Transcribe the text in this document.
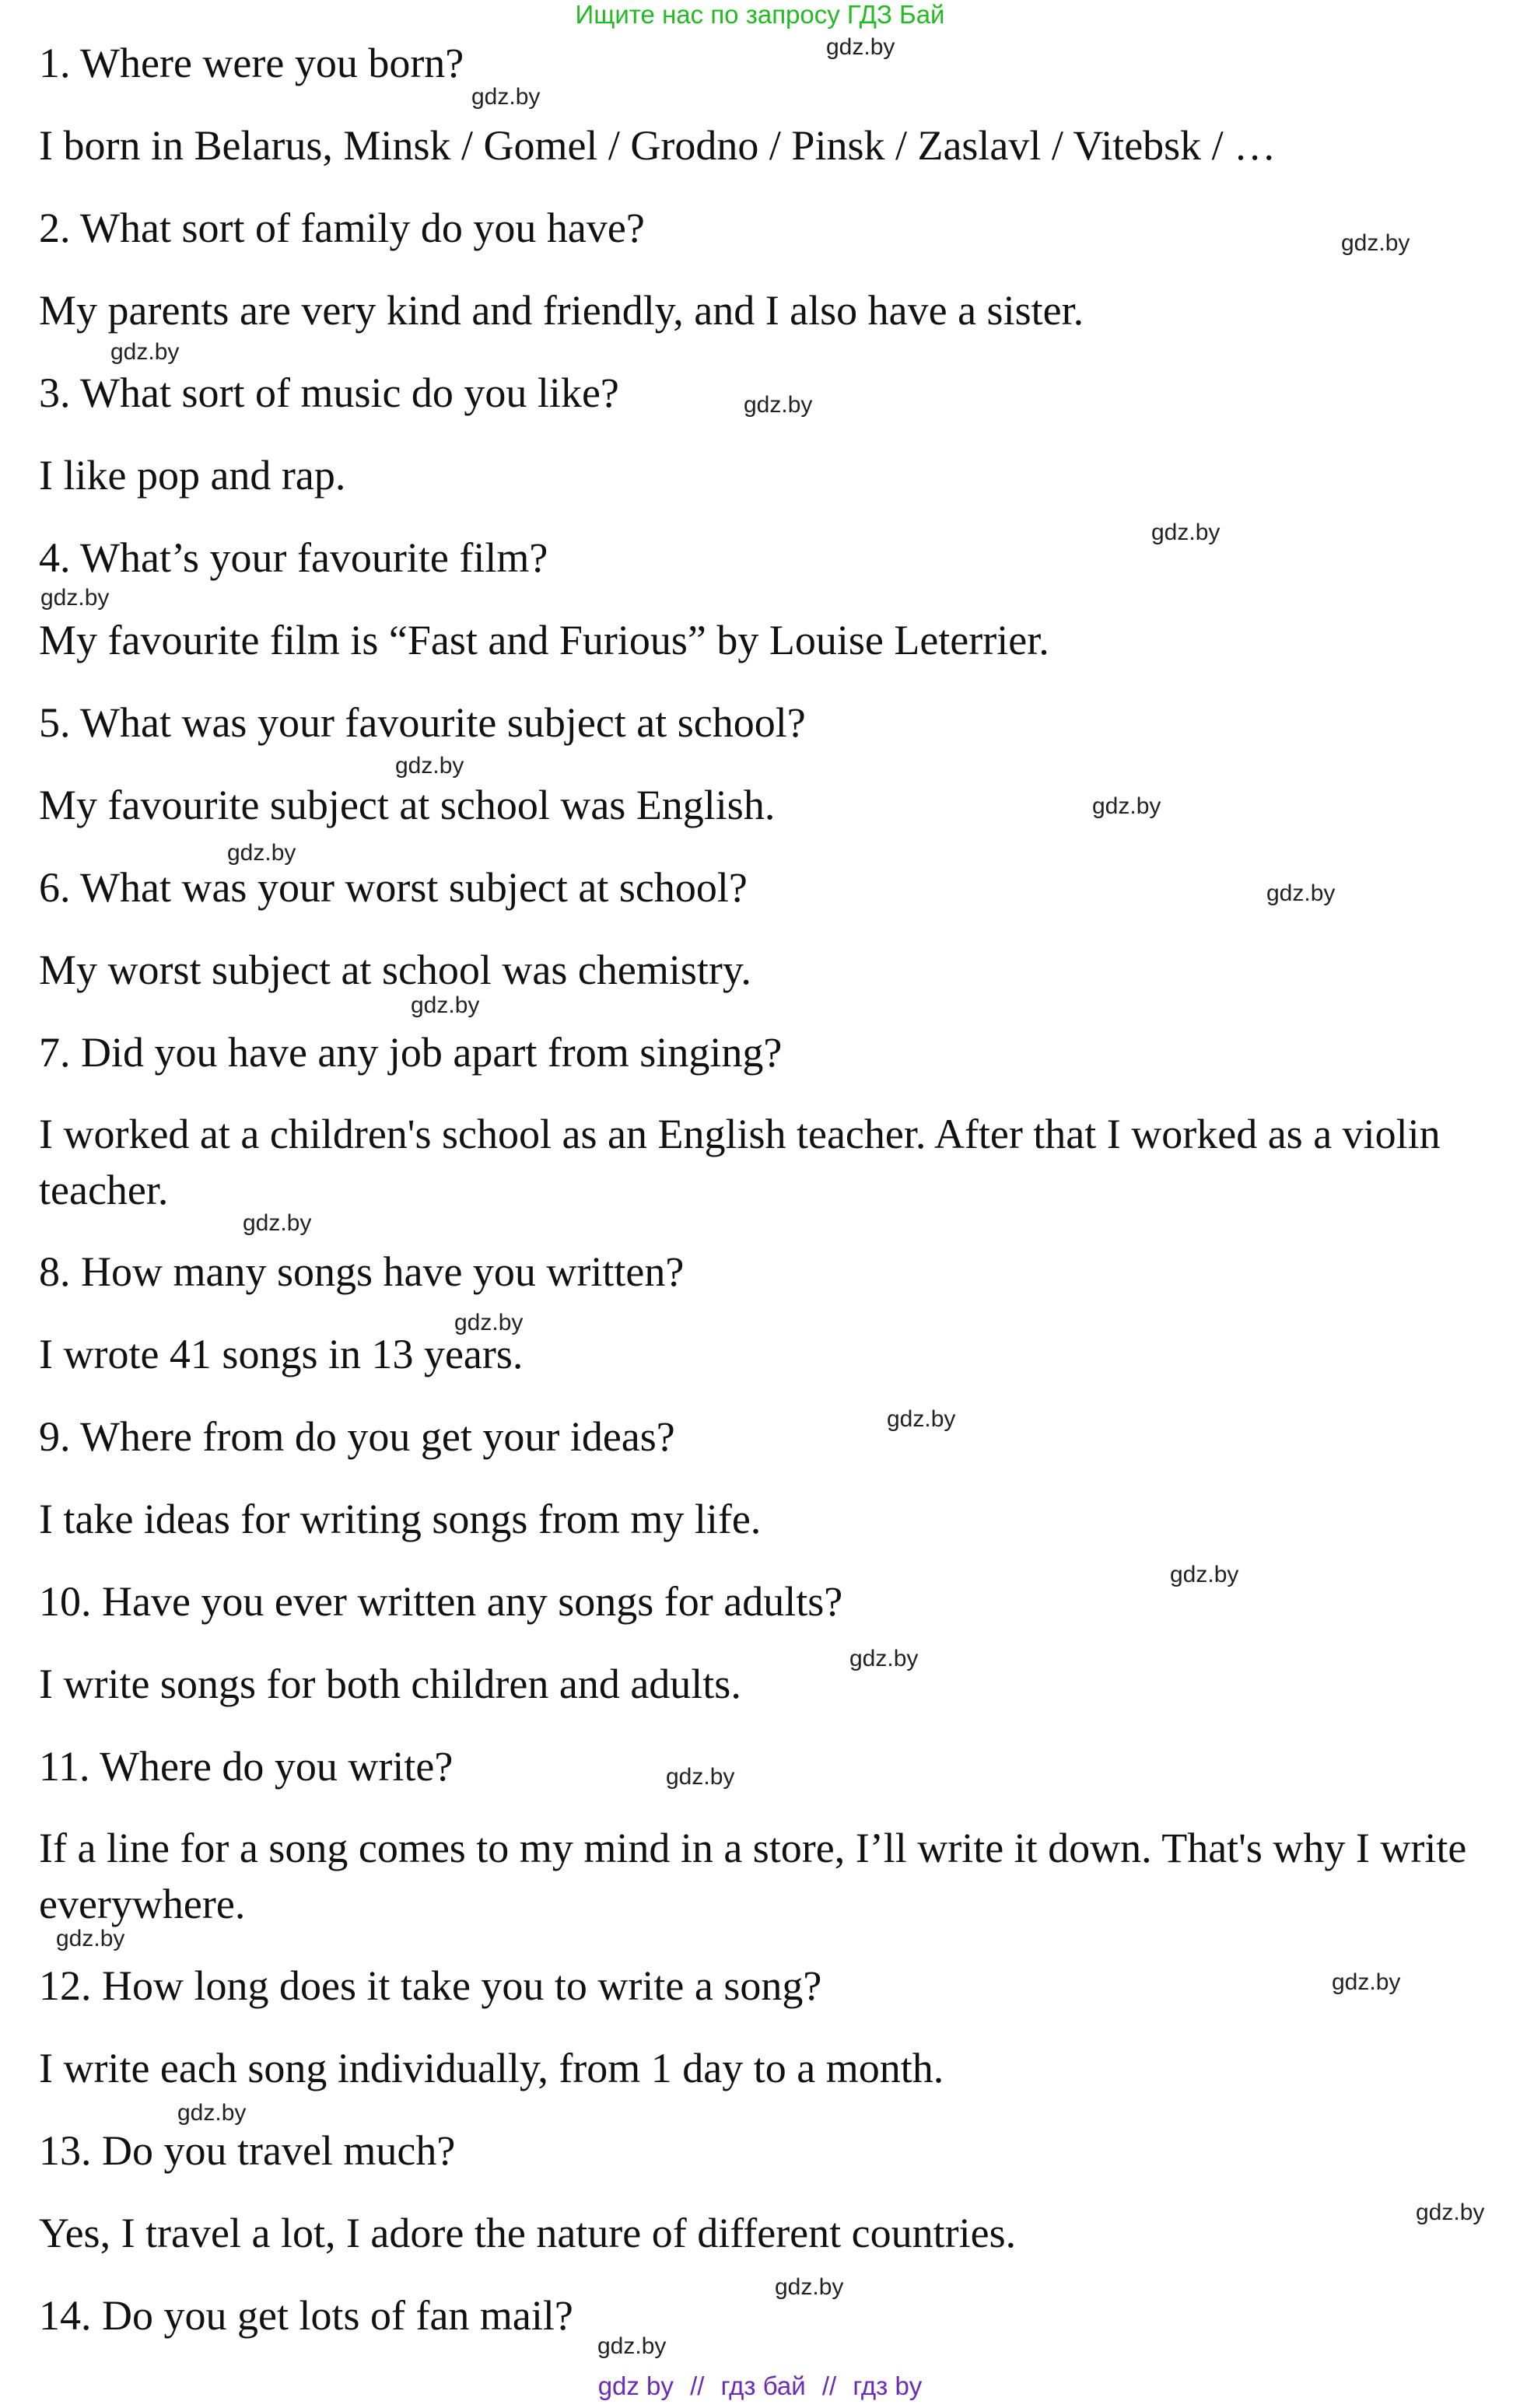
Ищите нас по запросу ГДЗ Бай
1. Where were you born?
I born in Belarus, Minsk / Gomel / Grodno / Pinsk / Zaslavl / Vitebsk / …
2. What sort of family do you have?
My parents are very kind and friendly, and I also have a sister.
3. What sort of music do you like?
I like pop and rap.
4. What’s your favourite film?
My favourite film is “Fast and Furious” by Louise Leterrier.
5. What was your favourite subject at school?
My favourite subject at school was English.
6. What was your worst subject at school?
My worst subject at school was chemistry.
7. Did you have any job apart from singing?
I worked at a children's school as an English teacher. After that I worked as a violin teacher.
8. How many songs have you written?
I wrote 41 songs in 13 years.
9. Where from do you get your ideas?
I take ideas for writing songs from my life.
10. Have you ever written any songs for adults?
I write songs for both children and adults.
11. Where do you write?
If a line for a song comes to my mind in a store, I’ll write it down. That's why I write everywhere.
12. How long does it take you to write a song?
I write each song individually, from 1 day to a month.
13. Do you travel much?
Yes, I travel a lot, I adore the nature of different countries.
14. Do you get lots of fan mail?
gdz.by
gdz.by
gdz.by
gdz.by
gdz.by
gdz.by
gdz.by
gdz.by
gdz.by
gdz.by
gdz.by
gdz.by
gdz.by
gdz.by
gdz.by
gdz.by
gdz.by
gdz.by
gdz.by
gdz.by
gdz.by
gdz.by
gdz.by
gdz.by
gdz by // гдз бай // гдз by
